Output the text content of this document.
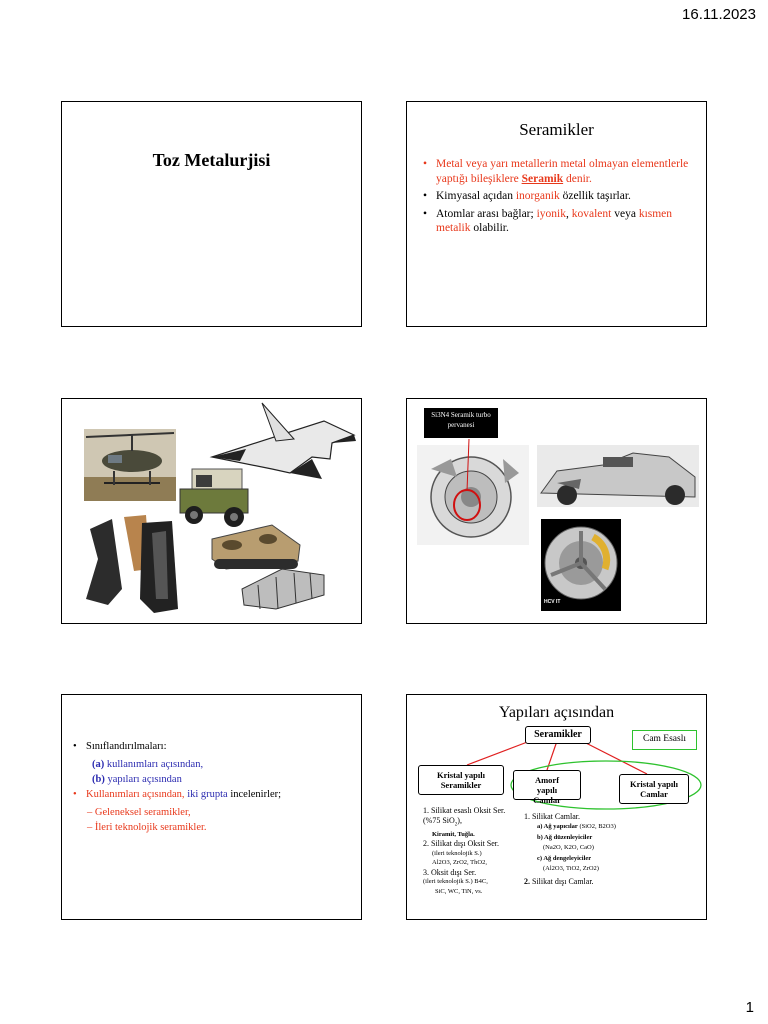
16.11.2023
Toz Metalurjisi
Seramikler
• Metal veya yarı metallerin metal olmayan elementlerle yaptığı bileşiklere Seramik denir.
• Kimyasal açıdan inorganik özellik taşırlar.
• Atomlar arası bağlar; iyonik, kovalent veya kısmen metalik olabilir.
Si3N4 Seramik turbo pervanesi
HCV IT
• Sınıflandırılmaları:
(a) kullanımları açısından,
(b) yapıları açısından
• Kullanımları açısından, iki grupta incelenirler;
– Geleneksel seramikler,
– İleri teknolojik seramikler.
Yapıları açısından
Seramikler	Cam Esaslı
Kristal yapılı Seramikler	Amorf yapılı Camlar
Kristal yapılı Camlar
1. Silikat esaslı Oksit Ser. (%75 SiO$_2$),
Kiramit, Tuğla.
2. Silikat dışı Oksit Ser.
(ileri teknolojik S.)
Al2O3, ZrO2, ThO2,
3. Oksit dışı Ser.
(ileri teknolojik S.) B4C,
SiC, WC, TiN, vs.
1. Silikat Camlar.
a) Ağ yapıcılar (SiO2, B2O3)
b) Ağ düzenleyiciler
(Na2O, K2O, CaO)
c) Ağ dengeleyiciler
(Al2O3, TiO2, ZrO2)
2. Silikat dışı Camlar.
1
